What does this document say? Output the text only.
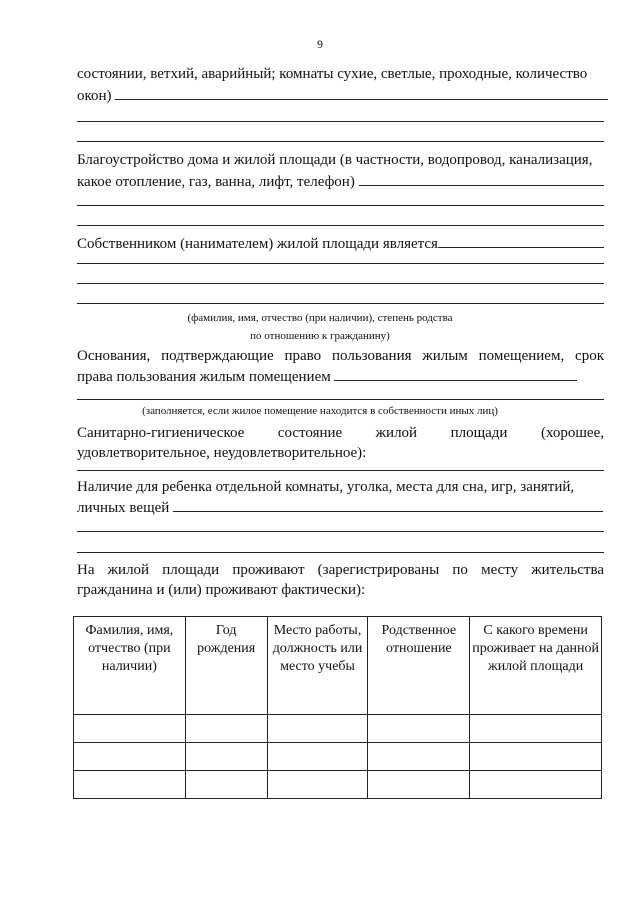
9
состоянии, ветхий, аварийный; комнаты сухие, светлые, проходные, количество
окон)
Благоустройство дома и жилой площади (в частности, водопровод, канализация,
какое отопление, газ, ванна, лифт, телефон)
Собственником (нанимателем) жилой площади является
(фамилия, имя, отчество (при наличии), степень родства
по отношению к гражданину)
Основания, подтверждающие право пользования жилым помещением, срок
права пользования жилым помещением
(заполняется, если жилое помещение находится в собственности иных лиц)
Санитарно-гигиеническое состояние жилой площади (хорошее,
удовлетворительное, неудовлетворительное):
Наличие для ребенка отдельной комнаты, уголка, места для сна, игр, занятий,
личных вещей
На жилой площади проживают (зарегистрированы по месту жительства
гражданина и (или) проживают фактически):
Фамилия, имя, отчество (при наличии)	Год рождения	Место работы, должность или место учебы	Родственное отношение	С какого времени проживает на данной жилой площади
